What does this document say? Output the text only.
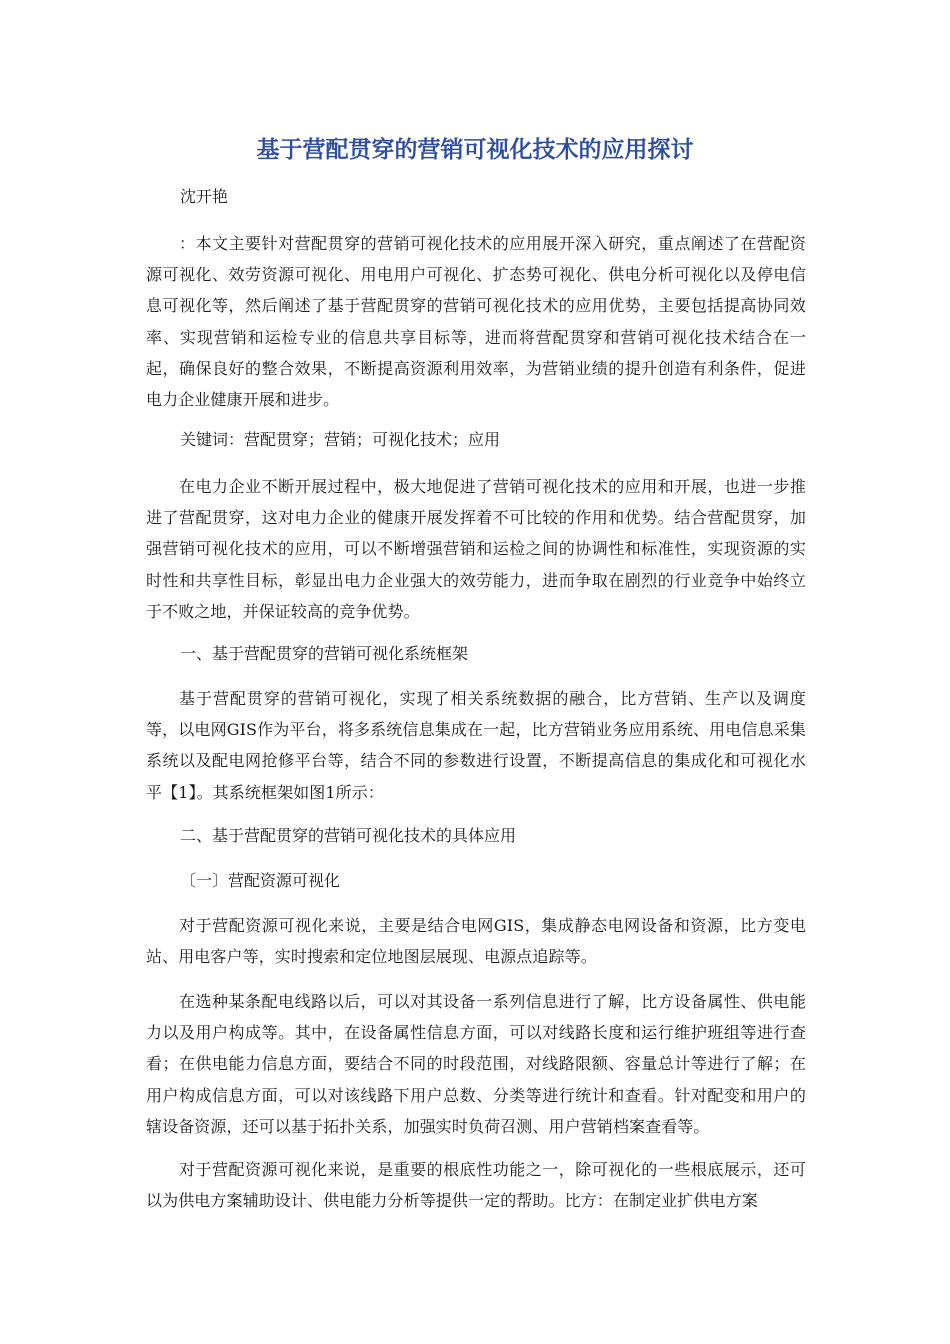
基于营配贯穿的营销可视化技术的应用探讨

沈开艳

：本文主要针对营配贯穿的营销可视化技术的应用展开深入研究，重点阐述了在营配资源可视化、效劳资源可视化、用电用户可视化、扩态势可视化、供电分析可视化以及停电信息可视化等，然后阐述了基于营配贯穿的营销可视化技术的应用优势，主要包括提高协同效率、实现营销和运检专业的信息共享目标等，进而将营配贯穿和营销可视化技术结合在一起，确保良好的整合效果，不断提高资源利用效率，为营销业绩的提升创造有利条件，促进电力企业健康开展和进步。

关键词：营配贯穿；营销；可视化技术；应用

在电力企业不断开展过程中，极大地促进了营销可视化技术的应用和开展，也进一步推进了营配贯穿，这对电力企业的健康开展发挥着不可比较的作用和优势。结合营配贯穿，加强营销可视化技术的应用，可以不断增强营销和运检之间的协调性和标准性，实现资源的实时性和共享性目标，彰显出电力企业强大的效劳能力，进而争取在剧烈的行业竞争中始终立于不败之地，并保证较高的竞争优势。

一、基于营配贯穿的营销可视化系统框架

基于营配贯穿的营销可视化，实现了相关系统数据的融合，比方营销、生产以及调度等，以电网GIS作为平台，将多系统信息集成在一起，比方营销业务应用系统、用电信息采集系统以及配电网抢修平台等，结合不同的参数进行设置，不断提高信息的集成化和可视化水平【1】。其系统框架如图1所示：

二、基于营配贯穿的营销可视化技术的具体应用

〔一〕营配资源可视化

对于营配资源可视化来说，主要是结合电网GIS，集成静态电网设备和资源，比方变电站、用电客户等，实时搜索和定位地图层展现、电源点追踪等。

在选种某条配电线路以后，可以对其设备一系列信息进行了解，比方设备属性、供电能力以及用户构成等。其中，在设备属性信息方面，可以对线路长度和运行维护班组等进行查看；在供电能力信息方面，要结合不同的时段范围，对线路限额、容量总计等进行了解；在用户构成信息方面，可以对该线路下用户总数、分类等进行统计和查看。针对配变和用户的辖设备资源，还可以基于拓扑关系，加强实时负荷召测、用户营销档案查看等。

对于营配资源可视化来说，是重要的根底性功能之一，除可视化的一些根底展示，还可以为供电方案辅助设计、供电能力分析等提供一定的帮助。比方：在制定业扩供电方案
